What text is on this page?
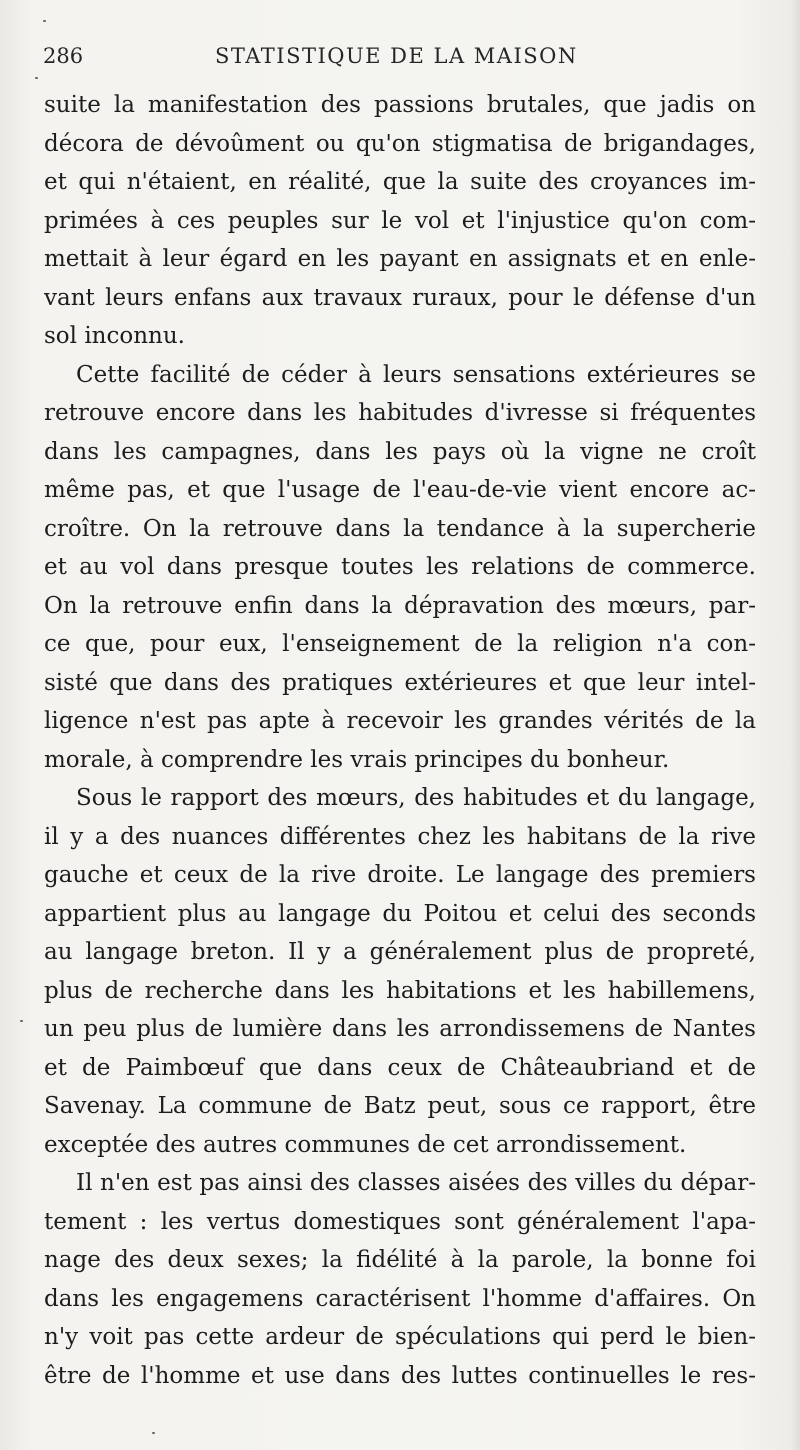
286	STATISTIQUE DE LA MAISON
suite la manifestation des passions brutales, que jadis on
décora de dévoûment ou qu'on stigmatisa de brigandages,
et qui n'étaient, en réalité, que la suite des croyances im-
primées à ces peuples sur le vol et l'injustice qu'on com-
mettait à leur égard en les payant en assignats et en enle-
vant leurs enfans aux travaux ruraux, pour le défense d'un
sol inconnu.
Cette facilité de céder à leurs sensations extérieures se
retrouve encore dans les habitudes d'ivresse si fréquentes
dans les campagnes, dans les pays où la vigne ne croît
même pas, et que l'usage de l'eau-de-vie vient encore ac-
croître. On la retrouve dans la tendance à la supercherie
et au vol dans presque toutes les relations de commerce.
On la retrouve enfin dans la dépravation des mœurs, par-
ce que, pour eux, l'enseignement de la religion n'a con-
sisté que dans des pratiques extérieures et que leur intel-
ligence n'est pas apte à recevoir les grandes vérités de la
morale, à comprendre les vrais principes du bonheur.
Sous le rapport des mœurs, des habitudes et du langage,
il y a des nuances différentes chez les habitans de la rive
gauche et ceux de la rive droite. Le langage des premiers
appartient plus au langage du Poitou et celui des seconds
au langage breton. Il y a généralement plus de propreté,
plus de recherche dans les habitations et les habillemens,
un peu plus de lumière dans les arrondissemens de Nantes
et de Paimbœuf que dans ceux de Châteaubriand et de
Savenay. La commune de Batz peut, sous ce rapport, être
exceptée des autres communes de cet arrondissement.
Il n'en est pas ainsi des classes aisées des villes du dépar-
tement : les vertus domestiques sont généralement l'apa-
nage des deux sexes; la fidélité à la parole, la bonne foi
dans les engagemens caractérisent l'homme d'affaires. On
n'y voit pas cette ardeur de spéculations qui perd le bien-
être de l'homme et use dans des luttes continuelles le res-
